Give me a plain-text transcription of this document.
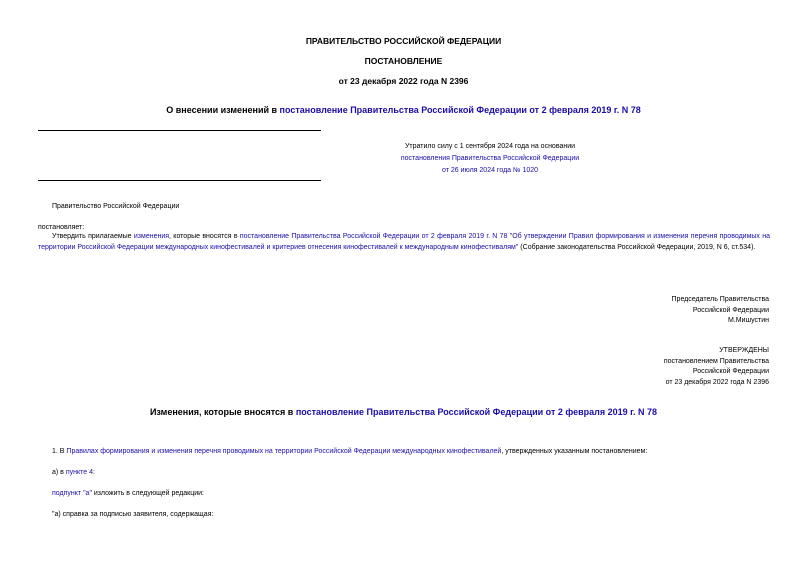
ПРАВИТЕЛЬСТВО РОССИЙСКОЙ ФЕДЕРАЦИИ
ПОСТАНОВЛЕНИЕ
от 23 декабря 2022 года N 2396
О внесении изменений в постановление Правительства Российской Федерации от 2 февраля 2019 г. N 78
Утратило силу с 1 сентября 2024 года на основании
постановления Правительства Российской Федерации
от 26 июля 2024 года № 1020
Правительство Российской Федерации
постановляет:
Утвердить прилагаемые изменения, которые вносятся в постановление Правительства Российской Федерации от 2 февраля 2019 г. N 78 "Об утверждении Правил формирования и изменения перечня проводимых на территории Российской Федерации международных кинофестивалей и критериев отнесения кинофестивалей к международным кинофестивалям" (Собрание законодательства Российской Федерации, 2019, N 6, ст.534).
Председатель Правительства
Российской Федерации
М.Мишустин
УТВЕРЖДЕНЫ
постановлением Правительства
Российской Федерации
от 23 декабря 2022 года N 2396
Изменения, которые вносятся в постановление Правительства Российской Федерации от 2 февраля 2019 г. N 78
1. В Правилах формирования и изменения перечня проводимых на территории Российской Федерации международных кинофестивалей, утвержденных указанным постановлением:
а) в пункте 4:
подпункт "а" изложить в следующей редакции:
"а) справка за подписью заявителя, содержащая:
